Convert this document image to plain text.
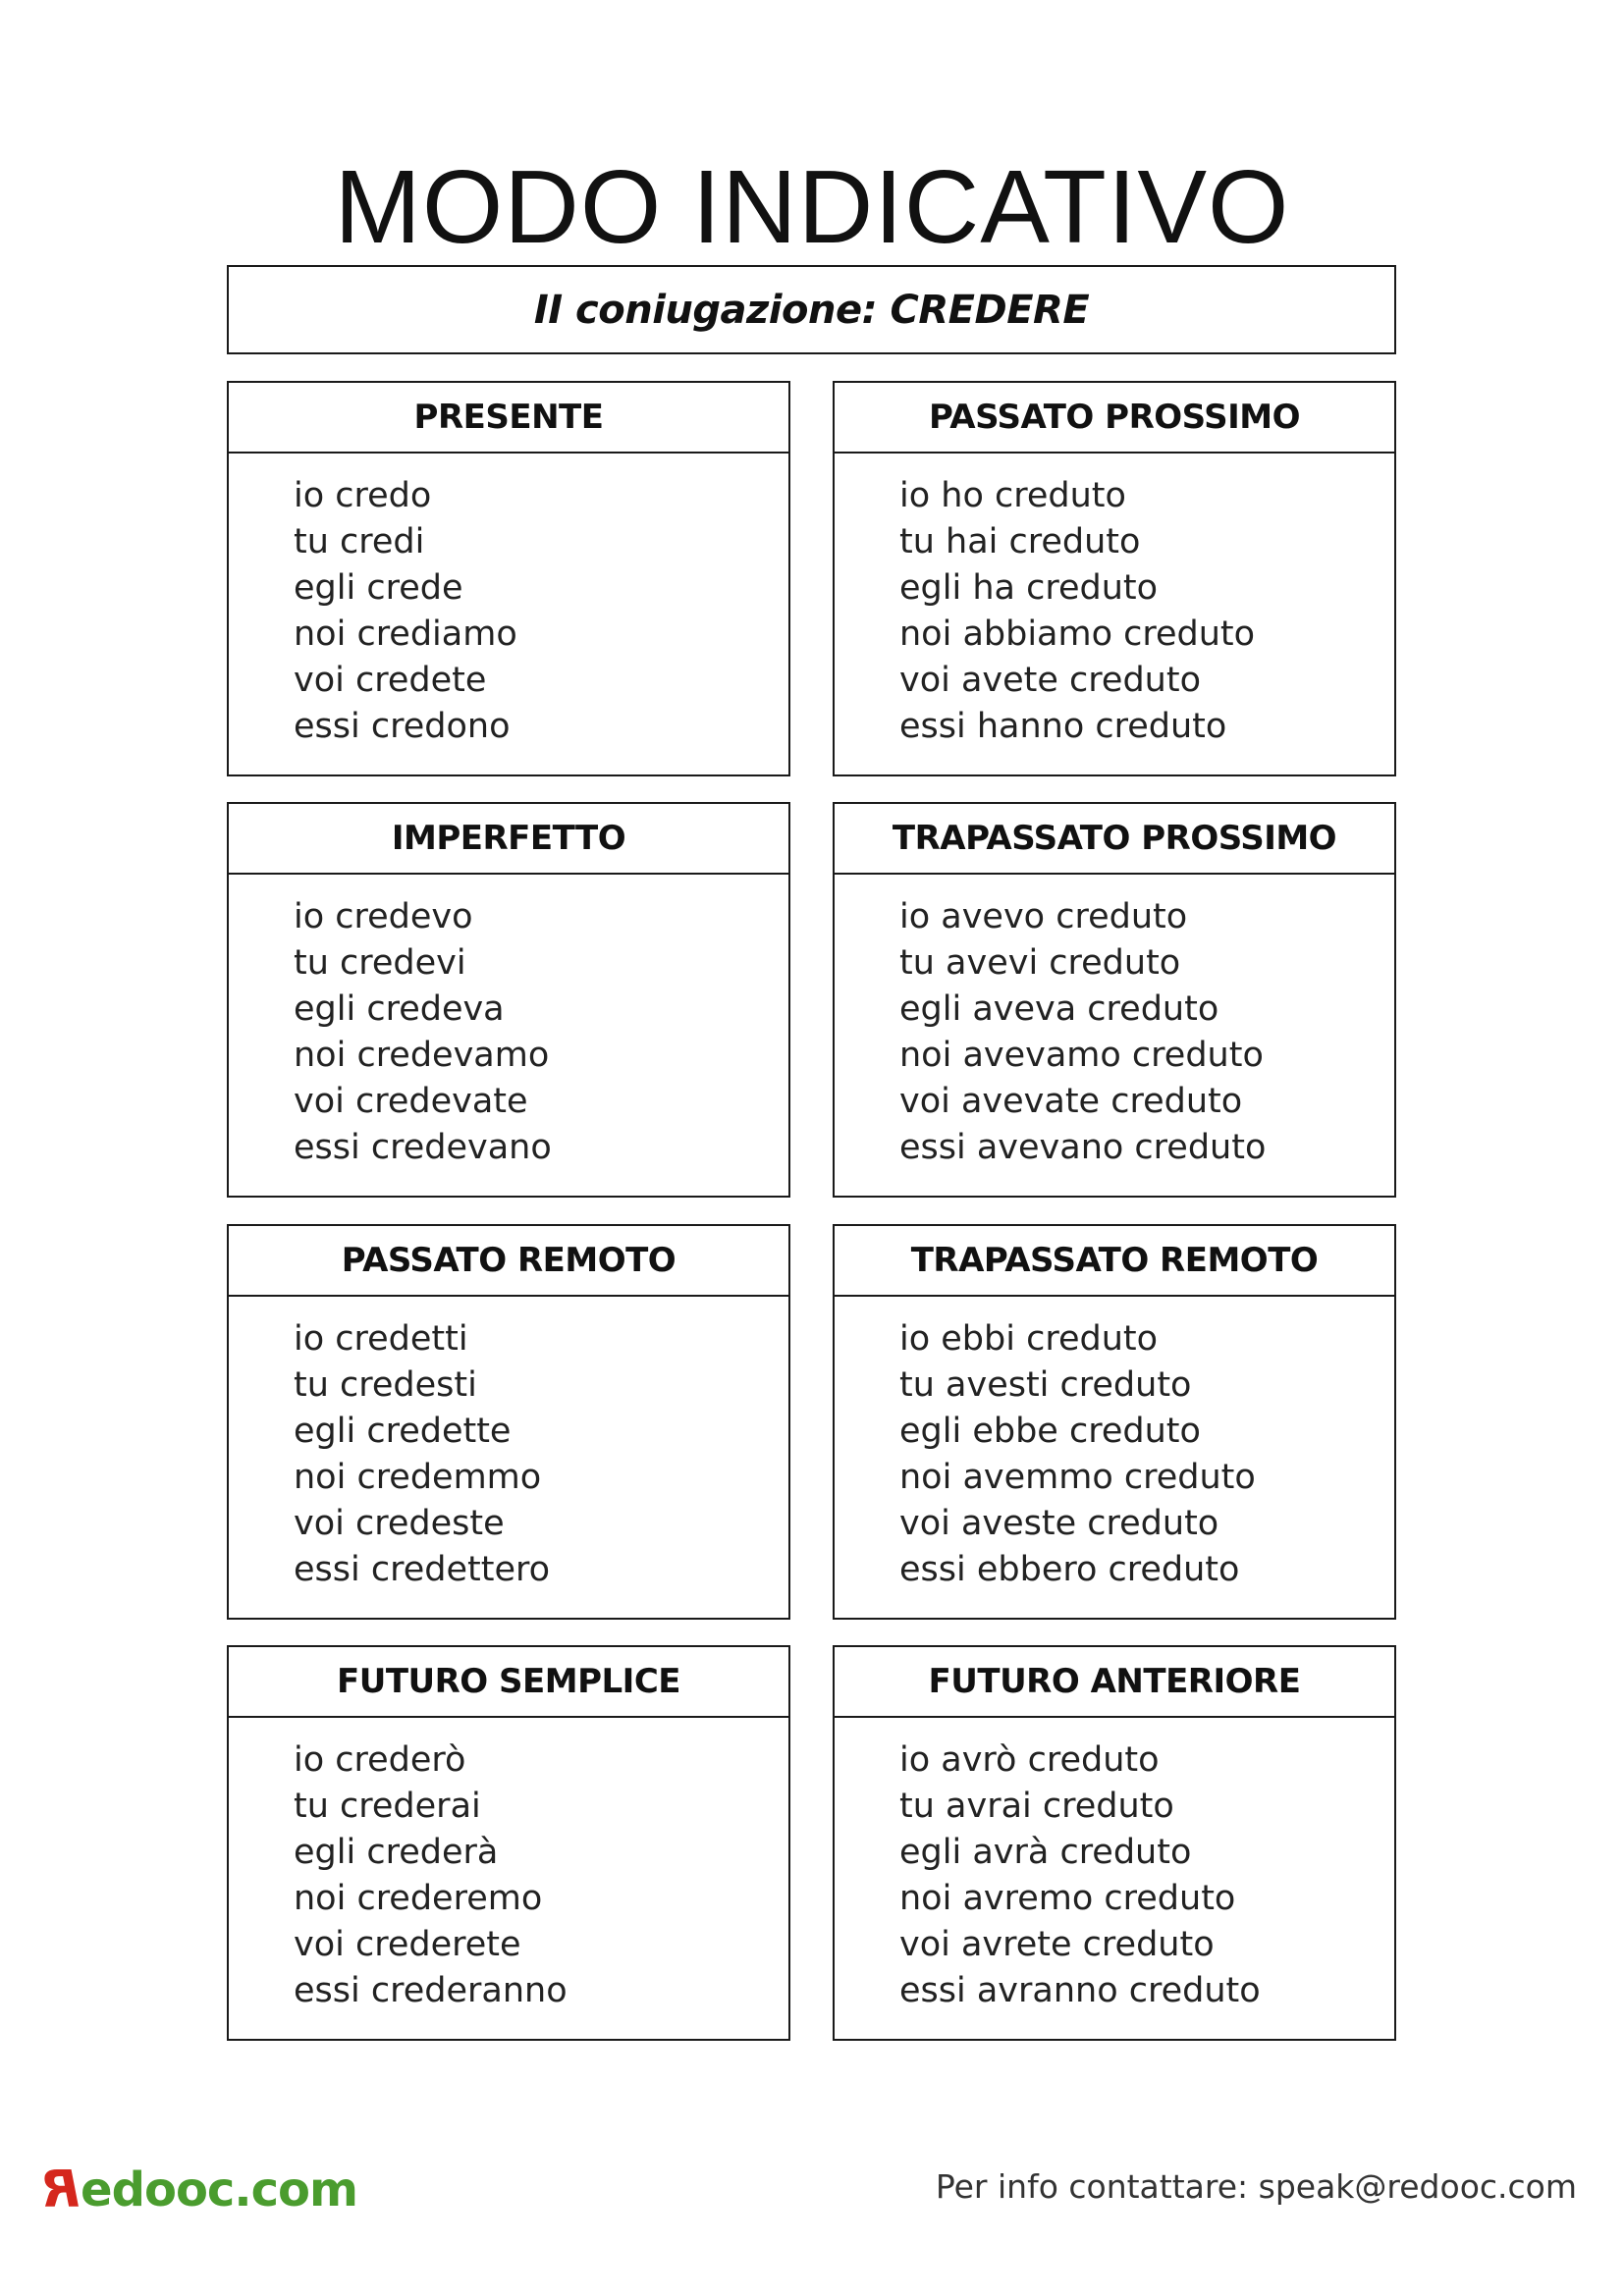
MODO INDICATIVO
II coniugazione: CREDERE
PRESENTE
io credo
tu credi
egli crede
noi crediamo
voi credete
essi credono
PASSATO PROSSIMO
io ho creduto
tu hai creduto
egli ha creduto
noi abbiamo creduto
voi avete creduto
essi hanno creduto
IMPERFETTO
io credevo
tu credevi
egli credeva
noi credevamo
voi credevate
essi credevano
TRAPASSATO PROSSIMO
io avevo creduto
tu avevi creduto
egli aveva creduto
noi avevamo creduto
voi avevate creduto
essi avevano creduto
PASSATO REMOTO
io credetti
tu credesti
egli credette
noi credemmo
voi credeste
essi credettero
TRAPASSATO REMOTO
io ebbi creduto
tu avesti creduto
egli ebbe creduto
noi avemmo creduto
voi aveste creduto
essi ebbero creduto
FUTURO SEMPLICE
io crederò
tu crederai
egli crederà
noi crederemo
voi crederete
essi crederanno
FUTURO ANTERIORE
io avrò creduto
tu avrai creduto
egli avrà creduto
noi avremo creduto
voi avrete creduto
essi avranno creduto
R edooc.com	Per info contattare: speak@redooc.com
